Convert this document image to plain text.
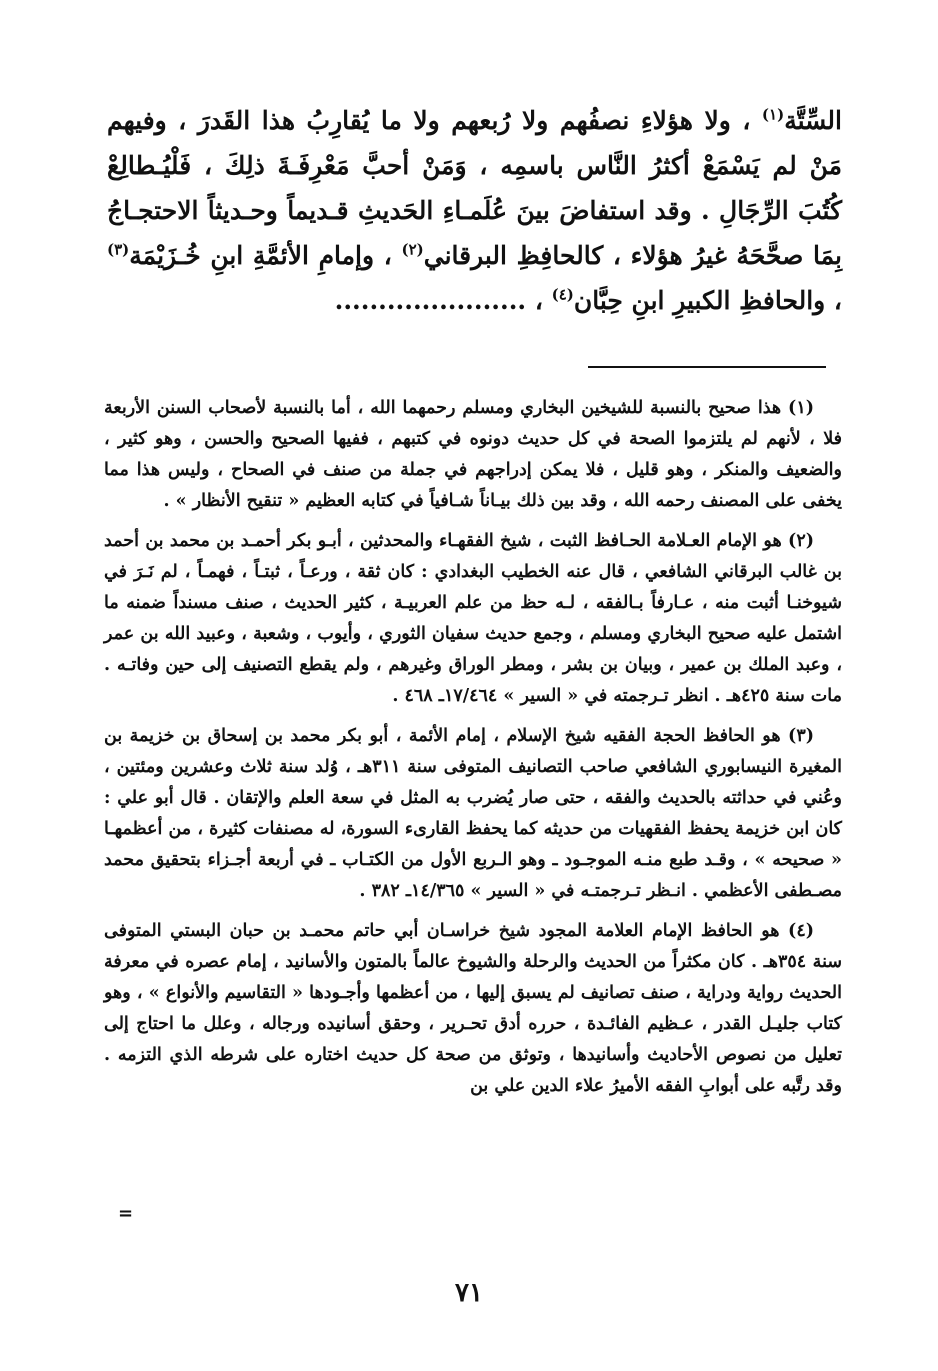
السِّتَّة$^{(١)}$ ، ولا هؤلاءِ نصفُهم ولا رُبعهم ولا ما يُقارِبُ هذا القَدرَ ، وفيهم مَنْ لم يَسْمَعْ أكثرُ النَّاس باسمِه ، وَمَنْ أحبَّ مَعْرِفَـةَ ذلِكَ ، فَلْيُـطالِعْ كُتُبَ الرِّجَالِ . وقد استفاضَ بينَ عُلَمـاءِ الحَديثِ قـديماً وحـديثاً الاحتجـاجُ بِمَا صحَّحَهُ غيرُ هؤلاء ، كالحافِظِ البرقاني$^{(٢)}$ ، وإمامِ الأئمَّةِ ابنِ خُـزَيْمَة$^{(٣)}$ ، والحافظِ الكبيرِ ابنِ حِبَّان$^{(٤)}$ ، ......................

(١) هذا صحيح بالنسبة للشيخين البخاري ومسلم رحمهما الله ، أما بالنسبة لأصحاب السنن الأربعة فلا ، لأنهم لم يلتزموا الصحة في كل حديث دونوه في كتبهم ، ففيها الصحيح والحسن ، وهو كثير ، والضعيف والمنكر ، وهو قليل ، فلا يمكن إدراجهم في جملة من صنف في الصحاح ، وليس هذا مما يخفى على المصنف رحمه الله ، وقد بين ذلك بيـاناً شـافياً في كتابه العظيم « تنقيح الأنظار » .

(٢) هو الإمام العـلامة الحـافظ الثبت ، شيخ الفقهـاء والمحدثين ، أبـو بكر أحمـد بن محمد بن أحمد بن غالب البرقاني الشافعي ، قال عنه الخطيب البغدادي : كان ثقة ، ورعـاً ، ثبتـاً ، فهمـاً ، لم نَـرَ في شيوخنـا أثبت منه ، عـارفاً بـالفقه ، لـه حظ من علم العربيـة ، كثير الحديث ، صنف مسنداً ضمنه ما اشتمل عليه صحيح البخاري ومسلم ، وجمع حديث سفيان الثوري ، وأيوب ، وشعبة ، وعبيد الله بن عمر ، وعبد الملك بن عمير ، وبيان بن بشر ، ومطر الوراق وغيرهم ، ولم يقطع التصنيف إلى حين وفاتـه . مات سنة ٤٢٥هـ . انظر تـرجمته في « السير » ١٧/٤٦٤ـ ٤٦٨ .

(٣) هو الحافظ الحجة الفقيه شيخ الإسلام ، إمام الأئمة ، أبو بكر محمد بن إسحاق بن خزيمة بن المغيرة النيسابوري الشافعي صاحب التصانيف المتوفى سنة ٣١١هـ ، وُلد سنة ثلاث وعشرين ومئتين ، وعُني في حداثته بالحديث والفقه ، حتى صار يُضرب به المثل في سعة العلم والإتقان . قال أبو علي : كان ابن خزيمة يحفظ الفقهيات من حديثه كما يحفظ القارىء السورة، له مصنفات كثيرة ، من أعظمهـا « صحيحه » ، وقـد طبع منـه الموجـود ـ وهو الـربع الأول من الكتـاب ـ في أربعة أجـزاء بتحقيق محمد مصـطفى الأعظمي . انـظر تـرجمتـه في « السير » ١٤/٣٦٥ـ ٣٨٢ .

(٤) هو الحافظ الإمام العلامة المجود شيخ خراسـان أبي حاتم محمـد بن حبان البستي المتوفى سنة ٣٥٤هـ . كان مكثراً من الحديث والرحلة والشيوخ عالماً بالمتون والأسانيد ، إمام عصره في معرفة الحديث رواية ودراية ، صنف تصانيف لم يسبق إليها ، من أعظمها وأجـودها « التقاسيم والأنواع » ، وهو كتاب جليـل القدر ، عـظيم الفائـدة ، حرره أدق تحـرير ، وحقق أسانيده ورجاله ، وعلل ما احتاج إلى تعليل من نصوص الأحاديث وأسانيدها ، وتوثق من صحة كل حديث اختاره على شرطه الذي التزمه . وقد رتَّبه على أبوابِ الفقه الأميرُ علاء الدين علي بن

=
٧١
